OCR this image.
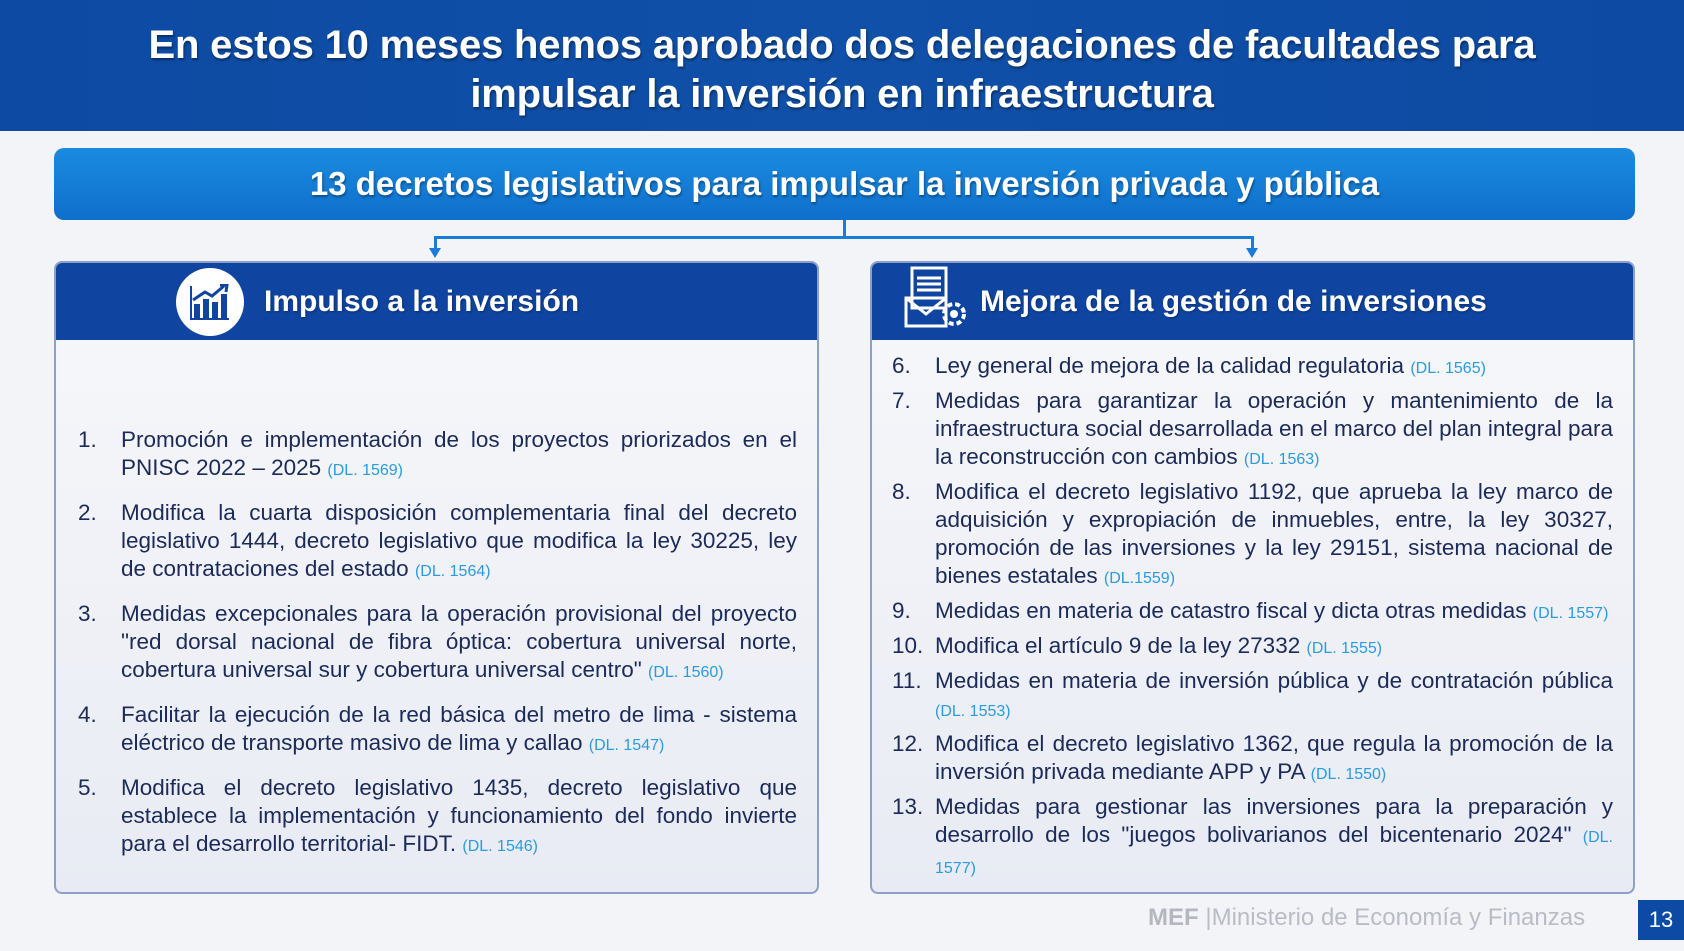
En estos 10 meses hemos aprobado dos delegaciones de facultades para
impulsar la inversión en infraestructura
13 decretos legislativos para impulsar la inversión privada y pública
Impulso a la inversión
1.	Promoción e implementación de los proyectos priorizados en el PNISC 2022 – 2025 (DL. 1569)
2.	Modifica la cuarta disposición complementaria final del decreto legislativo 1444, decreto legislativo que modifica la ley 30225, ley de contrataciones del estado (DL. 1564)
3.	Medidas excepcionales para la operación provisional del proyecto "red dorsal nacional de fibra óptica: cobertura universal norte, cobertura universal sur y cobertura universal centro" (DL. 1560)
4.	Facilitar la ejecución de la red básica del metro de lima - sistema eléctrico de transporte masivo de lima y callao (DL. 1547)
5.	Modifica el decreto legislativo 1435, decreto legislativo que establece la implementación y funcionamiento del fondo invierte para el desarrollo territorial- FIDT. (DL. 1546)
Mejora de la gestión de inversiones
6.	Ley general de mejora de la calidad regulatoria (DL. 1565)
7.	Medidas para garantizar la operación y mantenimiento de la infraestructura social desarrollada en el marco del plan integral para la reconstrucción con cambios (DL. 1563)
8.	Modifica el decreto legislativo 1192, que aprueba la ley marco de adquisición y expropiación de inmuebles, entre, la ley 30327, promoción de las inversiones y la ley 29151, sistema nacional de bienes estatales (DL.1559)
9.	Medidas en materia de catastro fiscal y dicta otras medidas (DL. 1557)
10. Modifica el artículo 9 de la ley 27332 (DL. 1555)
11. Medidas en materia de inversión pública y de contratación pública (DL. 1553)
12. Modifica el decreto legislativo 1362, que regula la promoción de la inversión privada mediante APP y PA (DL. 1550)
13. Medidas para gestionar las inversiones para la preparación y desarrollo de los "juegos bolivarianos del bicentenario 2024" (DL. 1577)
MEF |Ministerio de Economía y Finanzas	13
